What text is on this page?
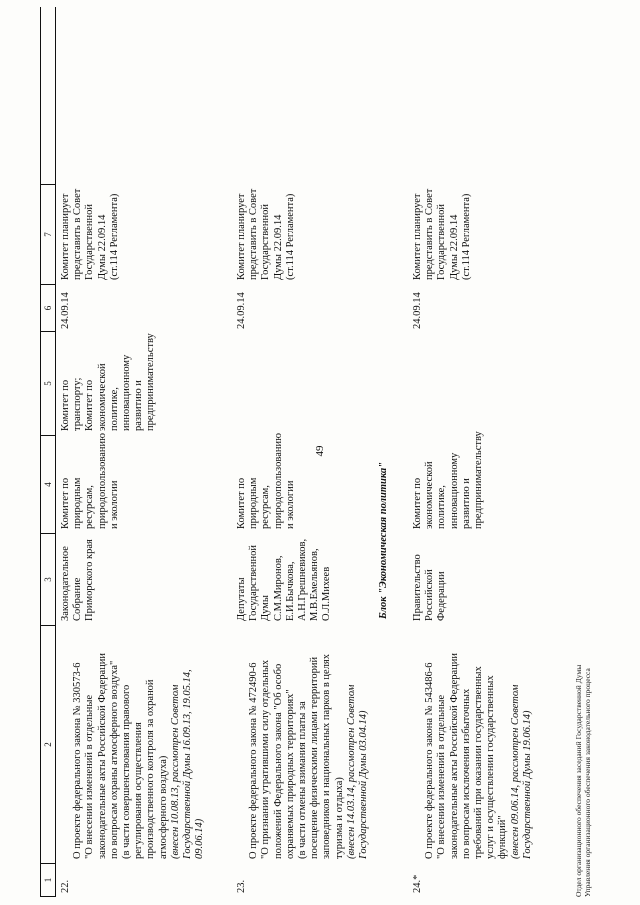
49
1
2
3
4
5
6
7
22.

О проекте федерального закона № 330573-6
"О внесении изменений в отдельные
законодательные акты Российской Федерации
по вопросам охраны атмосферного воздуха"
(в части совершенствования правового
регулирования осуществления
производственного контроля за охраной
атмосферного воздуха)

(внесен 10.08.13, рассмотрен Советом
Государственной Думы 16.09.13, 19.05.14,
09.06.14)

Законодательное
Собрание
Приморского края
Комитет по
природным ресурсам,
природопользованию
и экологии
Комитет по
транспорту;
Комитет по
экономической
политике,
инновационному
развитию и
предпринимательству
24.09.14
Комитет планирует
представить в Совет
Государственной
Думы 22.09.14
(ст.114 Регламента)
23.

О проекте федерального закона № 472490-6
"О признании утратившими силу отдельных
положений Федерального закона "Об особо
охраняемых природных территориях"
(в части отмены взимания платы за
посещение физическими лицами территорий
заповедников и национальных парков в целях
туризма и отдыха)

(внесен 14.03.14, рассмотрен Советом
Государственной Думы 03.04.14)

Депутаты
Государственной
Думы
С.М.Миронов,
Е.И.Бычкова,
А.Н.Грешневиков,
М.В.Емельянов,
О.Л.Михеев
Комитет по
природным ресурсам,
природопользованию
и экологии
24.09.14
Комитет планирует
представить в Совет
Государственной
Думы 22.09.14
(ст.114 Регламента)
Блок "Экономическая политика"
24.*

О проекте федерального закона № 543486-6
"О внесении изменений в отдельные
законодательные акты Российской Федерации
по вопросам исключения избыточных
требований при оказании государственных
услуг и осуществлении государственных
функций" (внесен 09.06.14, рассмотрен Советом
Государственной Думы 19.06.14)

Правительство
Российской
Федерации
Комитет по
экономической
политике,
инновационному
развитию и
предпринимательству
24.09.14
Комитет планирует
представить в Совет
Государственной
Думы 22.09.14
(ст.114 Регламента)
Отдел организационного обеспечения заседаний Государственной Думы
Управления организационного обеспечения законодательного процесса
